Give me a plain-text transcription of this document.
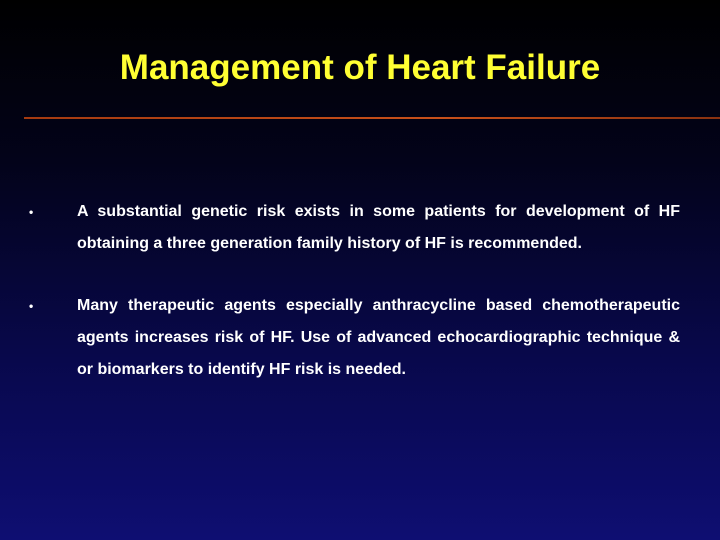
Management of Heart Failure
•	A substantial genetic risk exists in some patients for development of HF obtaining a three generation family history of HF is recommended.
•	Many therapeutic agents especially anthracycline based chemotherapeutic agents increases risk of HF. Use of advanced echocardiographic technique & or biomarkers to identify HF risk is needed.
